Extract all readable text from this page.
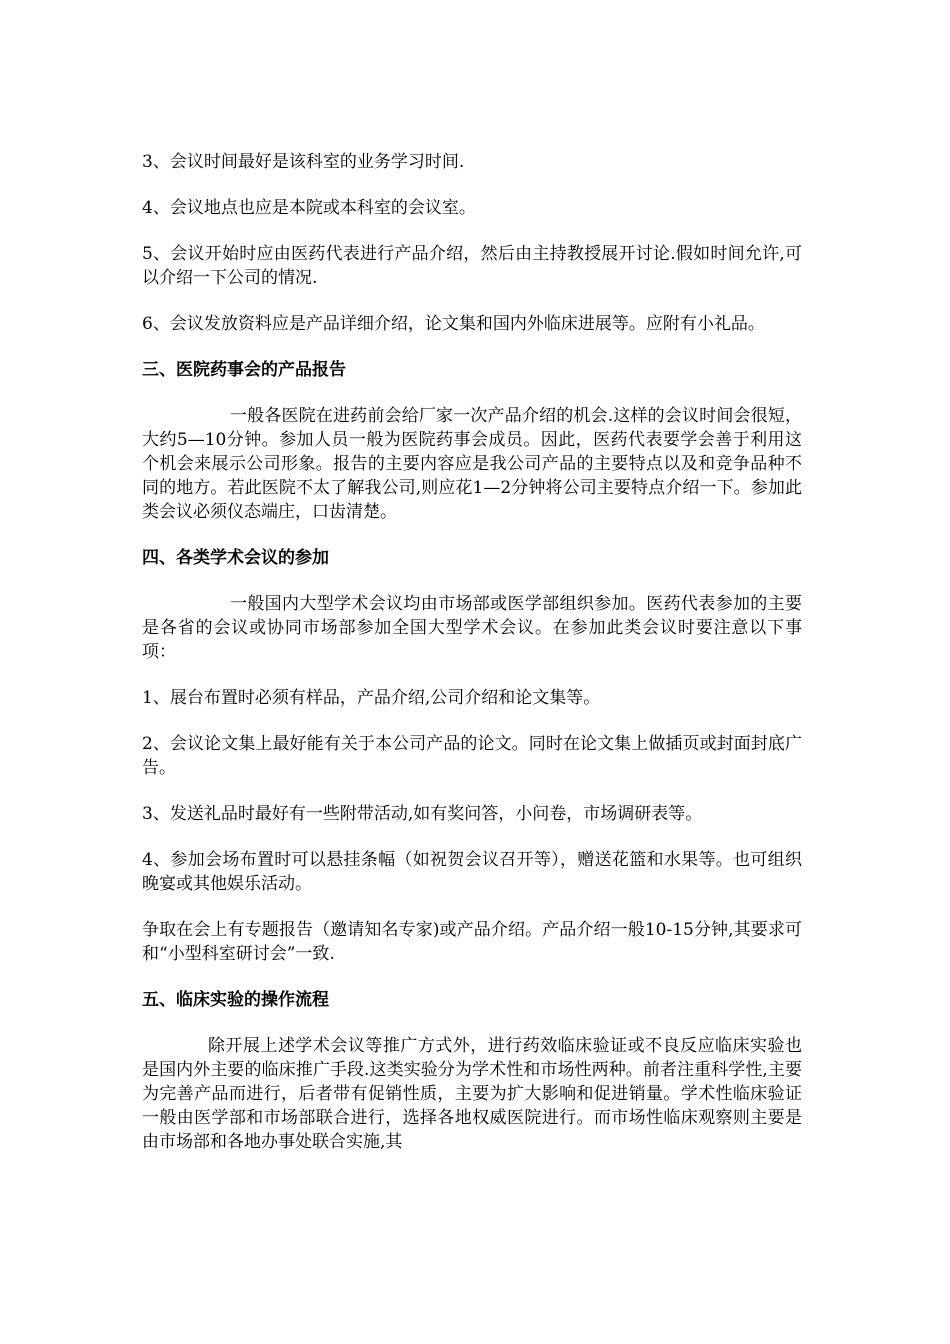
3、会议时间最好是该科室的业务学习时间.

4、会议地点也应是本院或本科室的会议室。

5、会议开始时应由医药代表进行产品介绍，然后由主持教授展开讨论.假如时间允许,可以介绍一下公司的情况.

6、会议发放资料应是产品详细介绍，论文集和国内外临床进展等。应附有小礼品。

三、医院药事会的产品报告

一般各医院在进药前会给厂家一次产品介绍的机会.这样的会议时间会很短，大约5—10分钟。参加人员一般为医院药事会成员。因此，医药代表要学会善于利用这个机会来展示公司形象。报告的主要内容应是我公司产品的主要特点以及和竞争品种不同的地方。若此医院不太了解我公司,则应花1—2分钟将公司主要特点介绍一下。参加此类会议必须仪态端庄，口齿清楚。

四、各类学术会议的参加

一般国内大型学术会议均由市场部或医学部组织参加。医药代表参加的主要是各省的会议或协同市场部参加全国大型学术会议。在参加此类会议时要注意以下事项：

1、展台布置时必须有样品，产品介绍,公司介绍和论文集等。

2、会议论文集上最好能有关于本公司产品的论文。同时在论文集上做插页或封面封底广告。

3、发送礼品时最好有一些附带活动,如有奖问答，小问卷，市场调研表等。

4、参加会场布置时可以悬挂条幅（如祝贺会议召开等），赠送花篮和水果等。也可组织晚宴或其他娱乐活动。

争取在会上有专题报告（邀请知名专家)或产品介绍。产品介绍一般10-15分钟,其要求可和“小型科室研讨会”一致.

五、临床实验的操作流程

除开展上述学术会议等推广方式外，进行药效临床验证或不良反应临床实验也是国内外主要的临床推广手段.这类实验分为学术性和市场性两种。前者注重科学性,主要为完善产品而进行，后者带有促销性质，主要为扩大影响和促进销量。学术性临床验证一般由医学部和市场部联合进行，选择各地权威医院进行。而市场性临床观察则主要是由市场部和各地办事处联合实施,其
